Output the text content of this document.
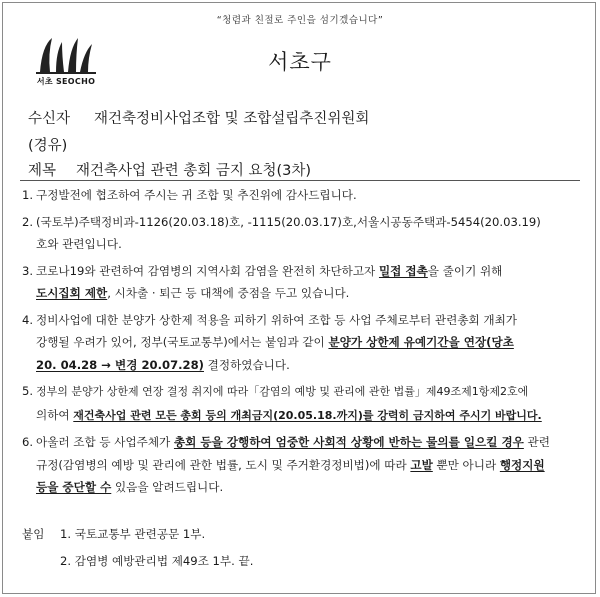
“청렴과 친절로 주인을 섬기겠습니다”
서초 SEOCHO
서초구
수신자 재건축정비사업조합 및 조합설립추진위원회
(경유)
제목 재건축사업 관련 총회 금지 요청(3차)
1. 구정발전에 협조하여 주시는 귀 조합 및 추진위에 감사드립니다.
2. (국토부)주택정비과-1126(20.03.18)호, -1115(20.03.17)호,서울시공동주택과-5454(20.03.19)
호와 관련입니다.
3. 코로나19와 관련하여 감염병의 지역사회 감염을 완전히 차단하고자 밀접 접촉을 줄이기 위해
도시집회 제한, 시차출 · 퇴근 등 대책에 중점을 두고 있습니다.
4. 정비사업에 대한 분양가 상한제 적용을 피하기 위하여 조합 등 사업 주체로부터 관련총회 개최가
강행될 우려가 있어, 정부(국토교통부)에서는 붙임과 같이 분양가 상한제 유예기간을 연장(당초
20. 04.28 → 변경 20.07.28) 결정하였습니다.
5. 정부의 분양가 상한제 연장 결정 취지에 따라「감염의 예방 및 관리에 관한 법률」제49조제1항제2호에
의하여 재건축사업 관련 모든 총회 등의 개최금지(20.05.18.까지)를 강력히 금지하여 주시기 바랍니다.
6. 아울러 조합 등 사업주체가 총회 등을 강행하여 엄중한 사회적 상황에 반하는 물의를 일으킬 경우 관련
규정(감염병의 예방 및 관리에 관한 법률, 도시 및 주거환경정비법)에 따라 고발 뿐만 아니라 행정지원
등을 중단할 수 있음을 알려드립니다.
붙임 1. 국토교통부 관련공문 1부.
2. 감염병 예방관리법 제49조 1부. 끝.
